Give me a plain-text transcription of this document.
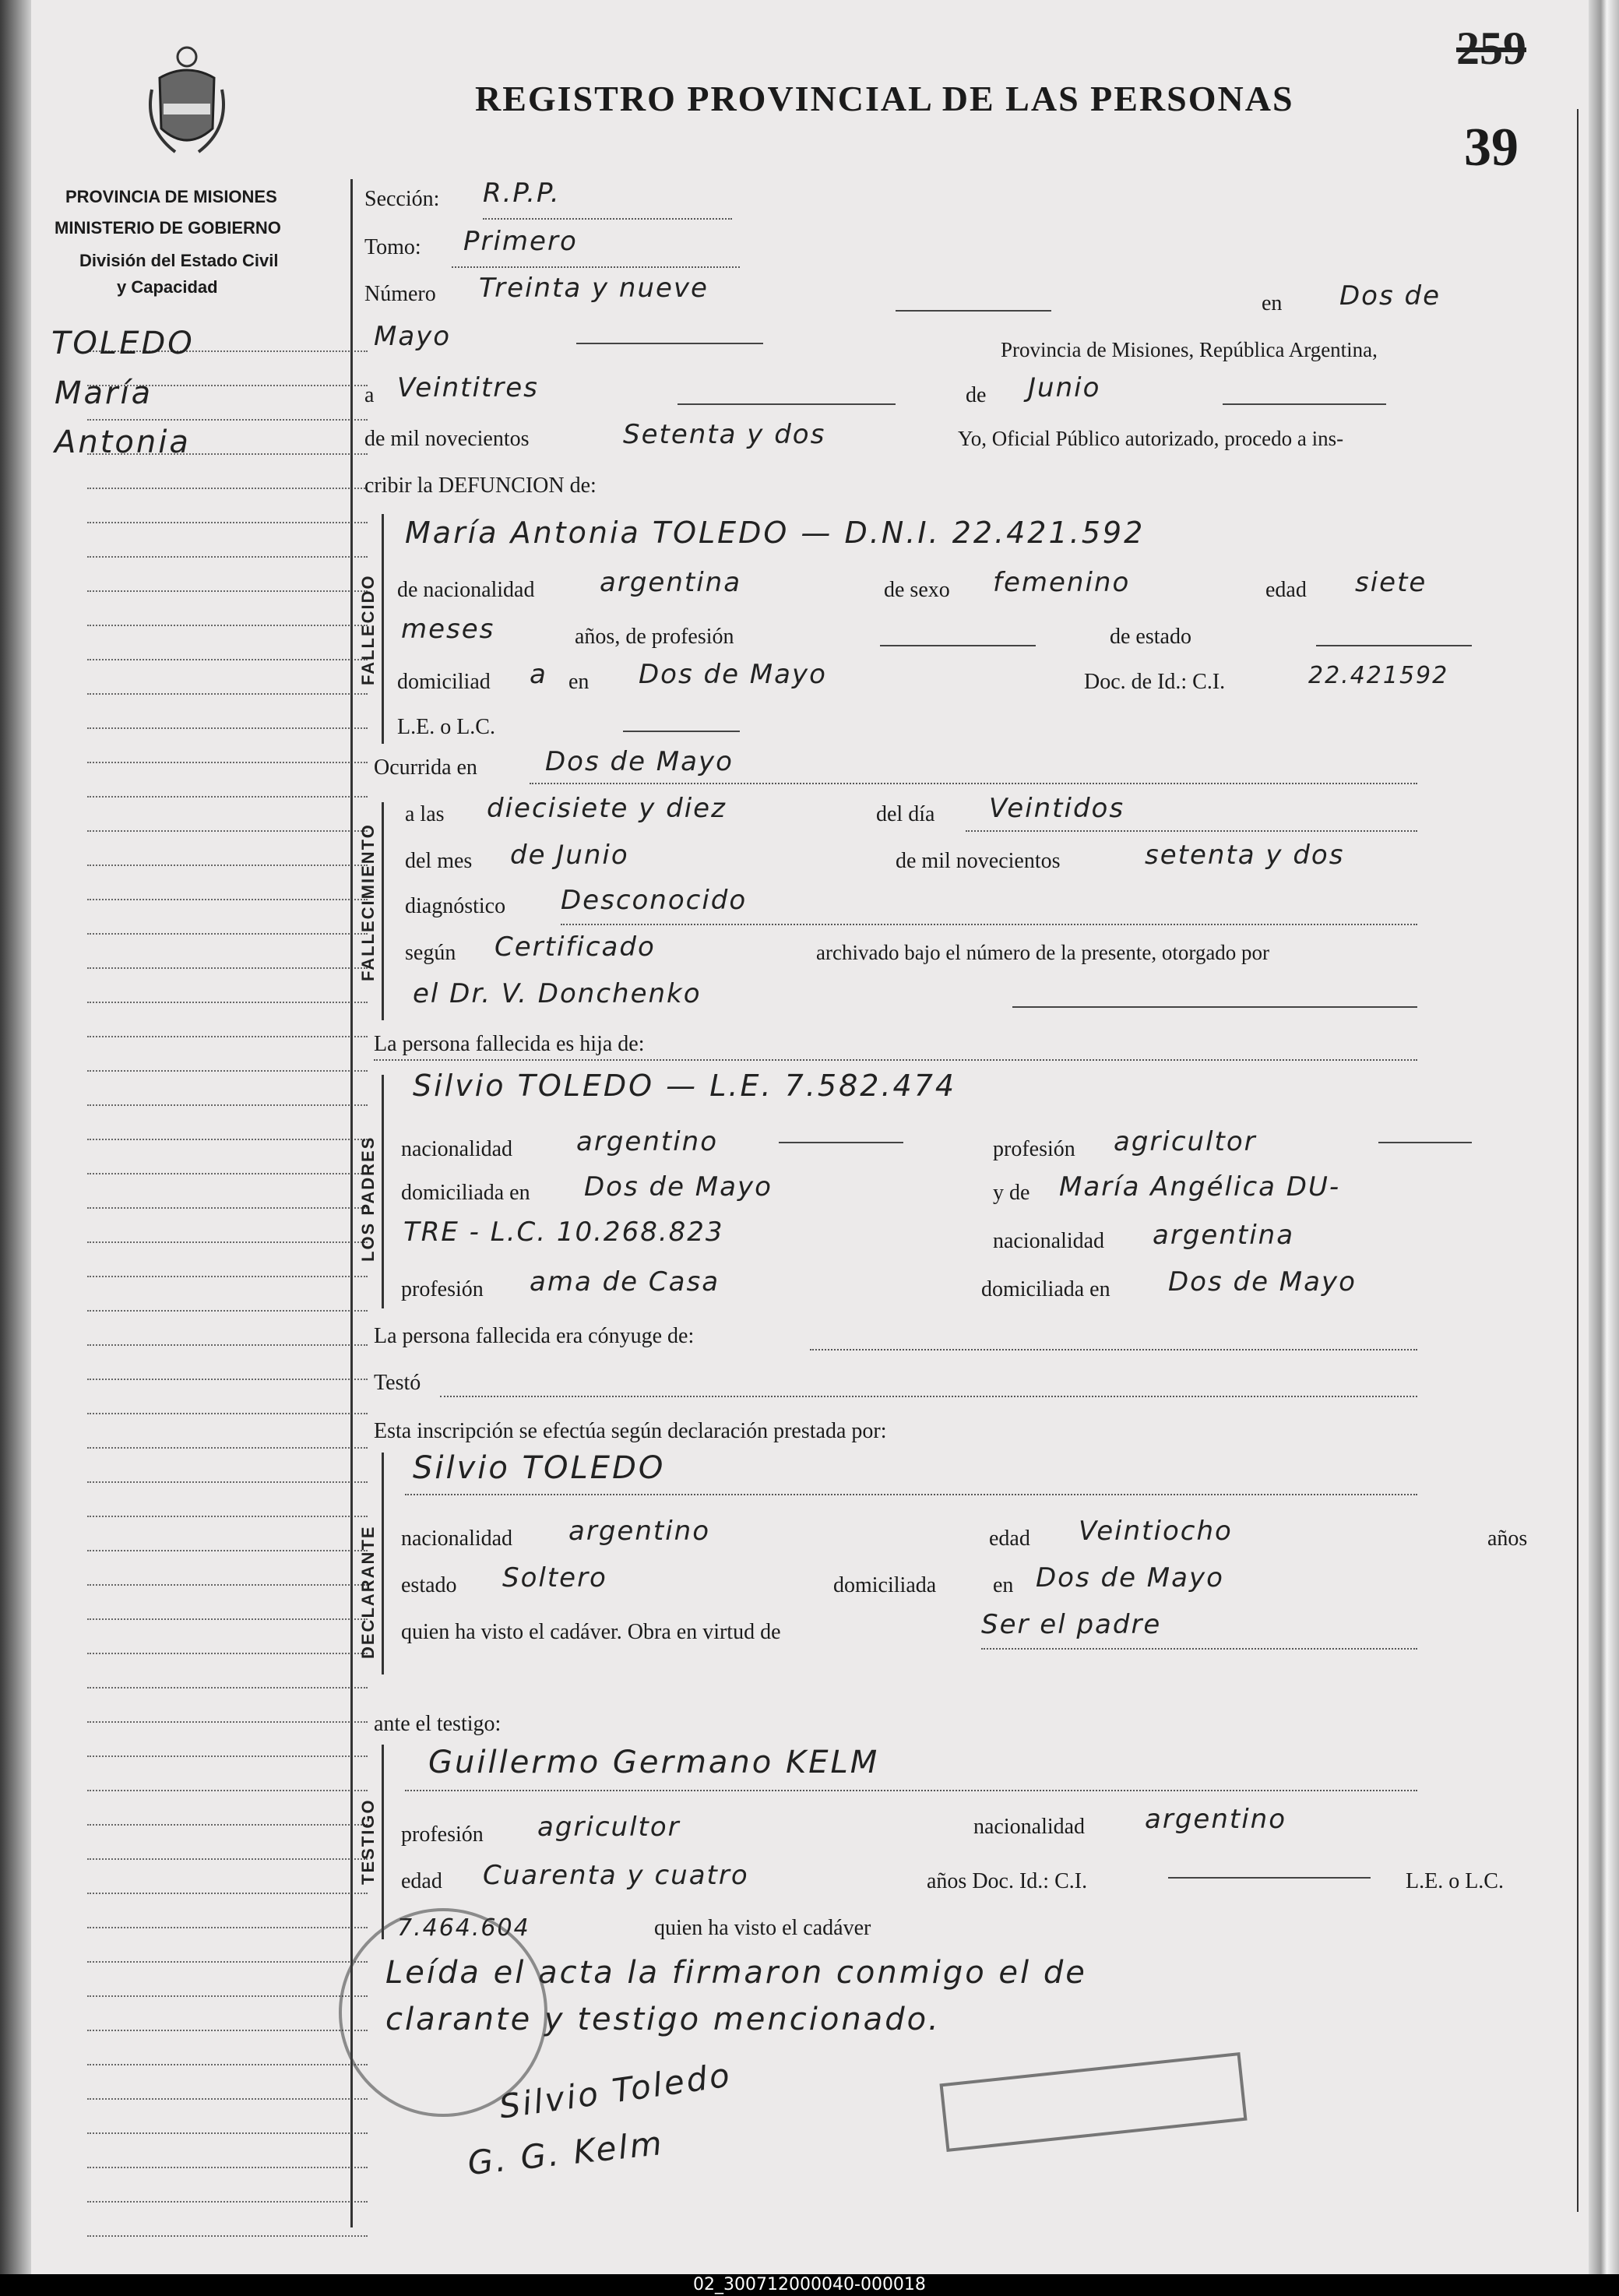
PROVINCIA DE MISIONES
MINISTERIO DE GOBIERNO
División del Estado Civil
y Capacidad
TOLEDO
María
Antonia
REGISTRO PROVINCIAL DE LAS PERSONAS
259
39
Sección: R.P.P.
Tomo: Primero
Número Treinta y nueve	en Dos de
Mayo	Provincia de Misiones, República Argentina,
a Veintitres	de Junio
de mil novecientos	Setenta y dos	Yo, Oficial Público autorizado, procedo a ins-
cribir la DEFUNCION de:
FALLECIDO
María Antonia TOLEDO — D.N.I. 22.421.592
de nacionalidad argentina	de sexo femenino	edad siete
meses	años, de profesión	de estado
domiciliad a en Dos de Mayo	Doc. de Id.: C.I.	22.421592
L.E. o L.C.
Ocurrida en	Dos de Mayo
FALLECIMIENTO
a las diecisiete y diez	del día Veintidos
del mes de Junio	de mil novecientos	setenta y dos
diagnóstico Desconocido
según Certificado	archivado bajo el número de la presente, otorgado por
el Dr. V. Donchenko
La persona fallecida es hija de:
LOS PADRES
Silvio TOLEDO — L.E. 7.582.474
nacionalidad argentino	profesión agricultor
domiciliada en Dos de Mayo	y de María Angélica DU-
TRE - L.C. 10.268.823	nacionalidad argentina
profesión ama de Casa	domiciliada en Dos de Mayo
La persona fallecida era cónyuge de:
Testó
Esta inscripción se efectúa según declaración prestada por:
DECLARANTE
Silvio TOLEDO
nacionalidad argentino	edad Veintiocho	años
estado Soltero	domiciliada	en Dos de Mayo
quien ha visto el cadáver. Obra en virtud de	Ser el padre
ante el testigo:
TESTIGO
Guillermo Germano KELM
profesión agricultor	nacionalidad argentino
edad Cuarenta y cuatro	años Doc. Id.: C.I.	L.E. o L.C.
7.464.604	quien ha visto el cadáver
Leída el acta la firmaron conmigo el de
clarante y testigo mencionado.
Silvio Toledo
G. G. Kelm
02_300712000040-000018
